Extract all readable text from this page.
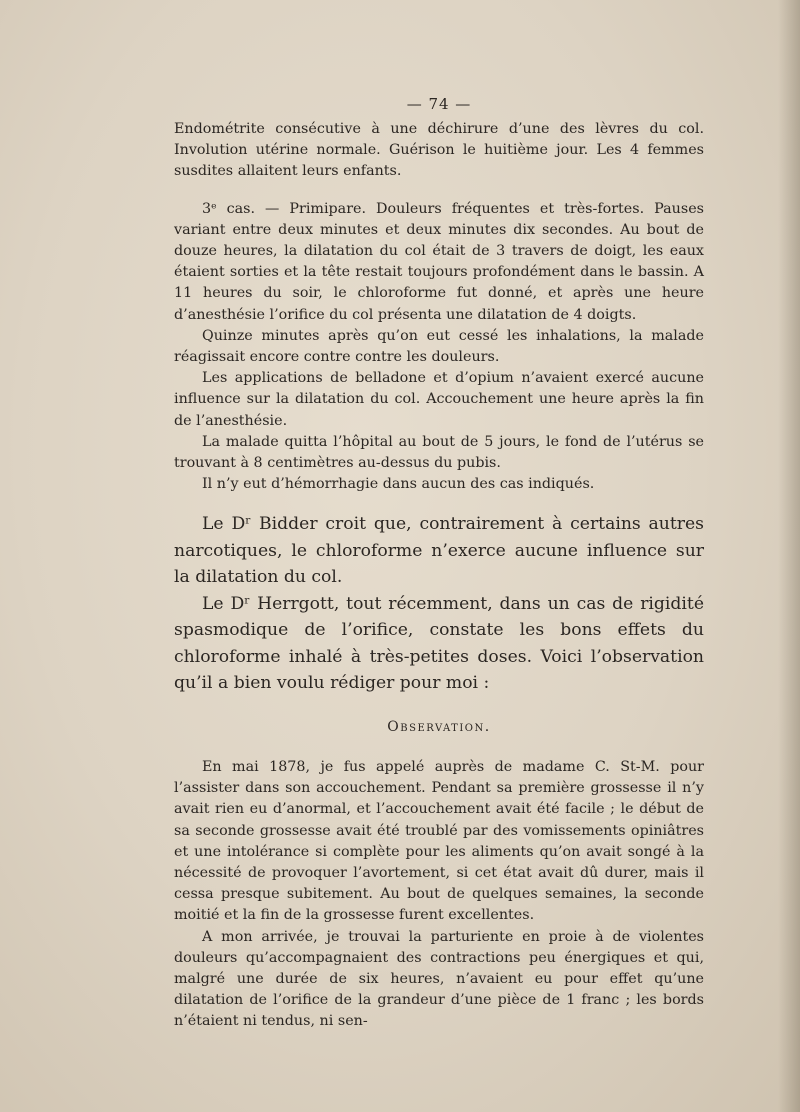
— 74 —

Endométrite consécutive à une déchirure d’une des lèvres du col. Involution utérine normale. Guérison le huitième jour. Les 4 femmes susdites allaitent leurs enfants.

3ᵉ cas. — Primipare. Douleurs fréquentes et très-fortes. Pauses variant entre deux minutes et deux minutes dix secondes. Au bout de douze heures, la dilatation du col était de 3 travers de doigt, les eaux étaient sorties et la tête restait toujours profondément dans le bassin. A 11 heures du soir, le chloroforme fut donné, et après une heure d’anesthésie l’orifice du col présenta une dilatation de 4 doigts.

Quinze minutes après qu’on eut cessé les inhalations, la malade réagissait encore contre contre les douleurs.

Les applications de belladone et d’opium n’avaient exercé aucune influence sur la dilatation du col. Accouchement une heure après la fin de l’anesthésie.

La malade quitta l’hôpital au bout de 5 jours, le fond de l’utérus se trouvant à 8 centimètres au-dessus du pubis.

Il n’y eut d’hémorrhagie dans aucun des cas indiqués.

Le Dʳ Bidder croit que, contrairement à certains autres narcotiques, le chloroforme n’exerce aucune influence sur la dilatation du col.

Le Dʳ Herrgott, tout récemment, dans un cas de rigidité spasmodique de l’orifice, constate les bons effets du chloroforme inhalé à très-petites doses. Voici l’observation qu’il a bien voulu rédiger pour moi :

Observation.

En mai 1878, je fus appelé auprès de madame C. St-M. pour l’assister dans son accouchement. Pendant sa première grossesse il n’y avait rien eu d’anormal, et l’accouchement avait été facile ; le début de sa seconde grossesse avait été troublé par des vomissements opiniâtres et une intolérance si complète pour les aliments qu’on avait songé à la nécessité de provoquer l’avortement, si cet état avait dû durer, mais il cessa presque subitement. Au bout de quelques semaines, la seconde moitié et la fin de la grossesse furent excellentes.

A mon arrivée, je trouvai la parturiente en proie à de violentes douleurs qu’accompagnaient des contractions peu énergiques et qui, malgré une durée de six heures, n’avaient eu pour effet qu’une dilatation de l’orifice de la grandeur d’une pièce de 1 franc ; les bords n’étaient ni tendus, ni sen-
